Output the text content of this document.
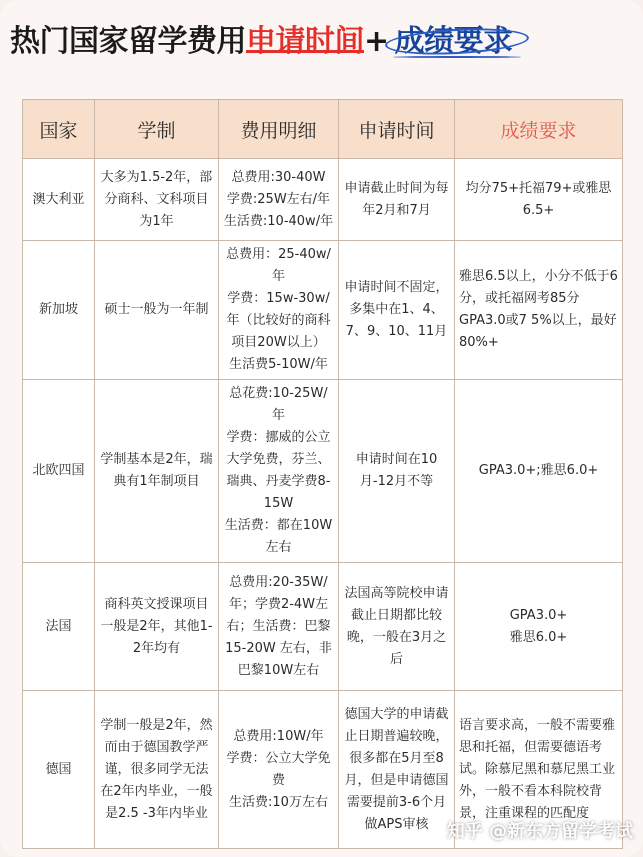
热门国家留学费用申请时间+ 成绩要求
国家	学制	费用明细	申请时间	成绩要求
澳大利亚	大多为1.5-2年，部分商科、文科项目为1年	总费用:30-40W
学费:25W左右/年
生活费:10-40w/年	申请截止时间为每年2月和7月	均分75+托福79+或雅思6.5+
新加坡	硕士一般为一年制	总费用：25-40w/年
学费：15w-30w/年（比较好的商科项目20W以上）
生活费5-10W/年	申请时间不固定，多集中在1、4、7、9、10、11月	雅思6.5以上，小分不低于6分，或托福网考85分GPA3.0或7 5%以上，最好80%+
北欧四国	学制基本是2年，瑞典有1年制项目	总花费:10-25W/年
学费：挪威的公立大学免费，芬兰、瑞典、丹麦学费8-15W
生活费：都在10W左右	申请时间在10月-12月不等	GPA3.0+;雅思6.0+
法国	商科英文授课项目一般是2年，其他1-2年均有	总费用:20-35W/年；学费2-4W左右；生活费：巴黎15-20W 左右，非巴黎10W左右	法国高等院校申请截止日期都比较晚，一般在3月之后	GPA3.0+
雅思6.0+
德国	学制一般是2年，然而由于德国教学严谨，很多同学无法在2年内毕业，一般是2.5 -3年内毕业	总费用:10W/年
学费：公立大学免费
生活费:10万左右	德国大学的申请截止日期普遍较晚，很多都在5月至8月，但是申请德国需要提前3-6个月做APS审核	语言要求高，一般不需要雅思和托福，但需要德语考试。除慕尼黑和慕尼黑工业外，一般不看本科院校背景，注重课程的匹配度
知乎 @新东方留学考试
